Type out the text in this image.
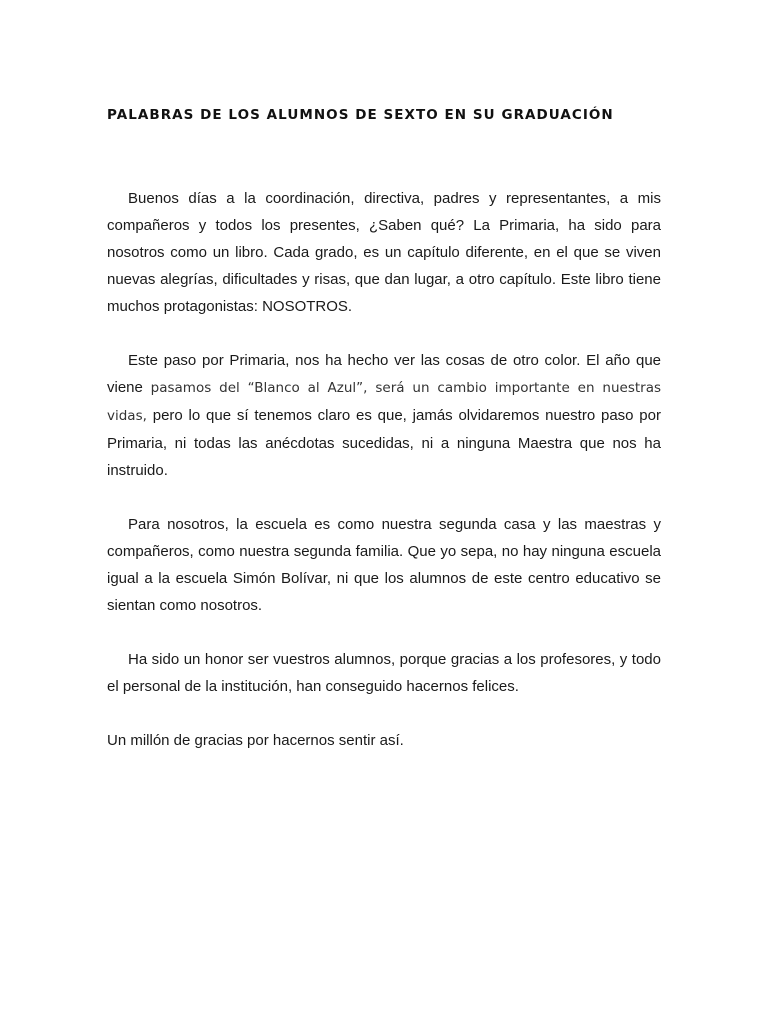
PALABRAS DE LOS ALUMNOS DE SEXTO EN SU GRADUACIÓN

Buenos días a la coordinación, directiva, padres y representantes, a mis compañeros y todos los presentes, ¿Saben qué? La Primaria, ha sido para nosotros como un libro. Cada grado, es un capítulo diferente, en el que se viven nuevas alegrías, dificultades y risas, que dan lugar, a otro capítulo. Este libro tiene muchos protagonistas: NOSOTROS.

Este paso por Primaria, nos ha hecho ver las cosas de otro color. El año que viene pasamos del “Blanco al Azul”, será un cambio importante en nuestras vidas, pero lo que sí tenemos claro es que, jamás olvidaremos nuestro paso por Primaria, ni todas las anécdotas sucedidas, ni a ninguna Maestra que nos ha instruido.

Para nosotros, la escuela es como nuestra segunda casa y las maestras y compañeros, como nuestra segunda familia. Que yo sepa, no hay ninguna escuela igual a la escuela Simón Bolívar, ni que los alumnos de este centro educativo se sientan como nosotros.

Ha sido un honor ser vuestros alumnos, porque gracias a los profesores, y todo el personal de la institución, han conseguido hacernos felices.

Un millón de gracias por hacernos sentir así.
